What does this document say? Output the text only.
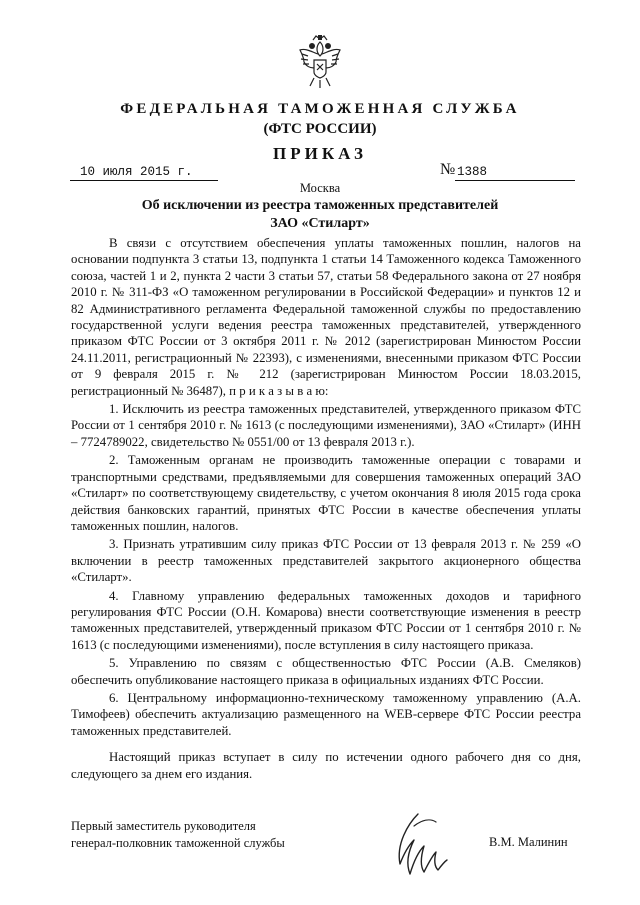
ФЕДЕРАЛЬНАЯ ТАМОЖЕННАЯ СЛУЖБА
(ФТС РОССИИ)
ПРИКАЗ
10 июля 2015 г.	№ 1388
Москва
Об исключении из реестра таможенных представителей
ЗАО «Стиларт»

В связи с отсутствием обеспечения уплаты таможенных пошлин, налогов на основании подпункта 3 статьи 13, подпункта 1 статьи 14 Таможенного кодекса Таможенного союза, частей 1 и 2, пункта 2 части 3 статьи 57, статьи 58 Федерального закона от 27 ноября 2010 г. № 311-ФЗ «О таможенном регулировании в Российской Федерации» и пунктов 12 и 82 Административного регламента Федеральной таможенной службы по предоставлению государственной услуги ведения реестра таможенных представителей, утвержденного приказом ФТС России от 3 октября 2011 г. № 2012 (зарегистрирован Минюстом России 24.11.2011, регистрационный № 22393), с изменениями, внесенными приказом ФТС России от 9 февраля 2015 г. № 212 (зарегистрирован Минюстом России 18.03.2015, регистрационный № 36487), п р и к а з ы в а ю:

1. Исключить из реестра таможенных представителей, утвержденного приказом ФТС России от 1 сентября 2010 г. № 1613 (с последующими изменениями), ЗАО «Стиларт» (ИНН – 7724789022, свидетельство № 0551/00 от 13 февраля 2013 г.).

2. Таможенным органам не производить таможенные операции с товарами и транспортными средствами, предъявляемыми для совершения таможенных операций ЗАО «Стиларт» по соответствующему свидетельству, с учетом окончания 8 июля 2015 года срока действия банковских гарантий, принятых ФТС России в качестве обеспечения уплаты таможенных пошлин, налогов.

3. Признать утратившим силу приказ ФТС России от 13 февраля 2013 г. № 259 «О включении в реестр таможенных представителей закрытого акционерного общества «Стиларт».

4. Главному управлению федеральных таможенных доходов и тарифного регулирования ФТС России (О.Н. Комарова) внести соответствующие изменения в реестр таможенных представителей, утвержденный приказом ФТС России от 1 сентября 2010 г. № 1613 (с последующими изменениями), после вступления в силу настоящего приказа.

5. Управлению по связям с общественностью ФТС России (А.В. Смеляков) обеспечить опубликование настоящего приказа в официальных изданиях ФТС России.

6. Центральному информационно-техническому таможенному управлению (А.А. Тимофеев) обеспечить актуализацию размещенного на WEB-сервере ФТС России реестра таможенных представителей.

Настоящий приказ вступает в силу по истечении одного рабочего дня со дня, следующего за днем его издания.

Первый заместитель руководителя
генерал-полковник таможенной службы	В.М. Малинин
